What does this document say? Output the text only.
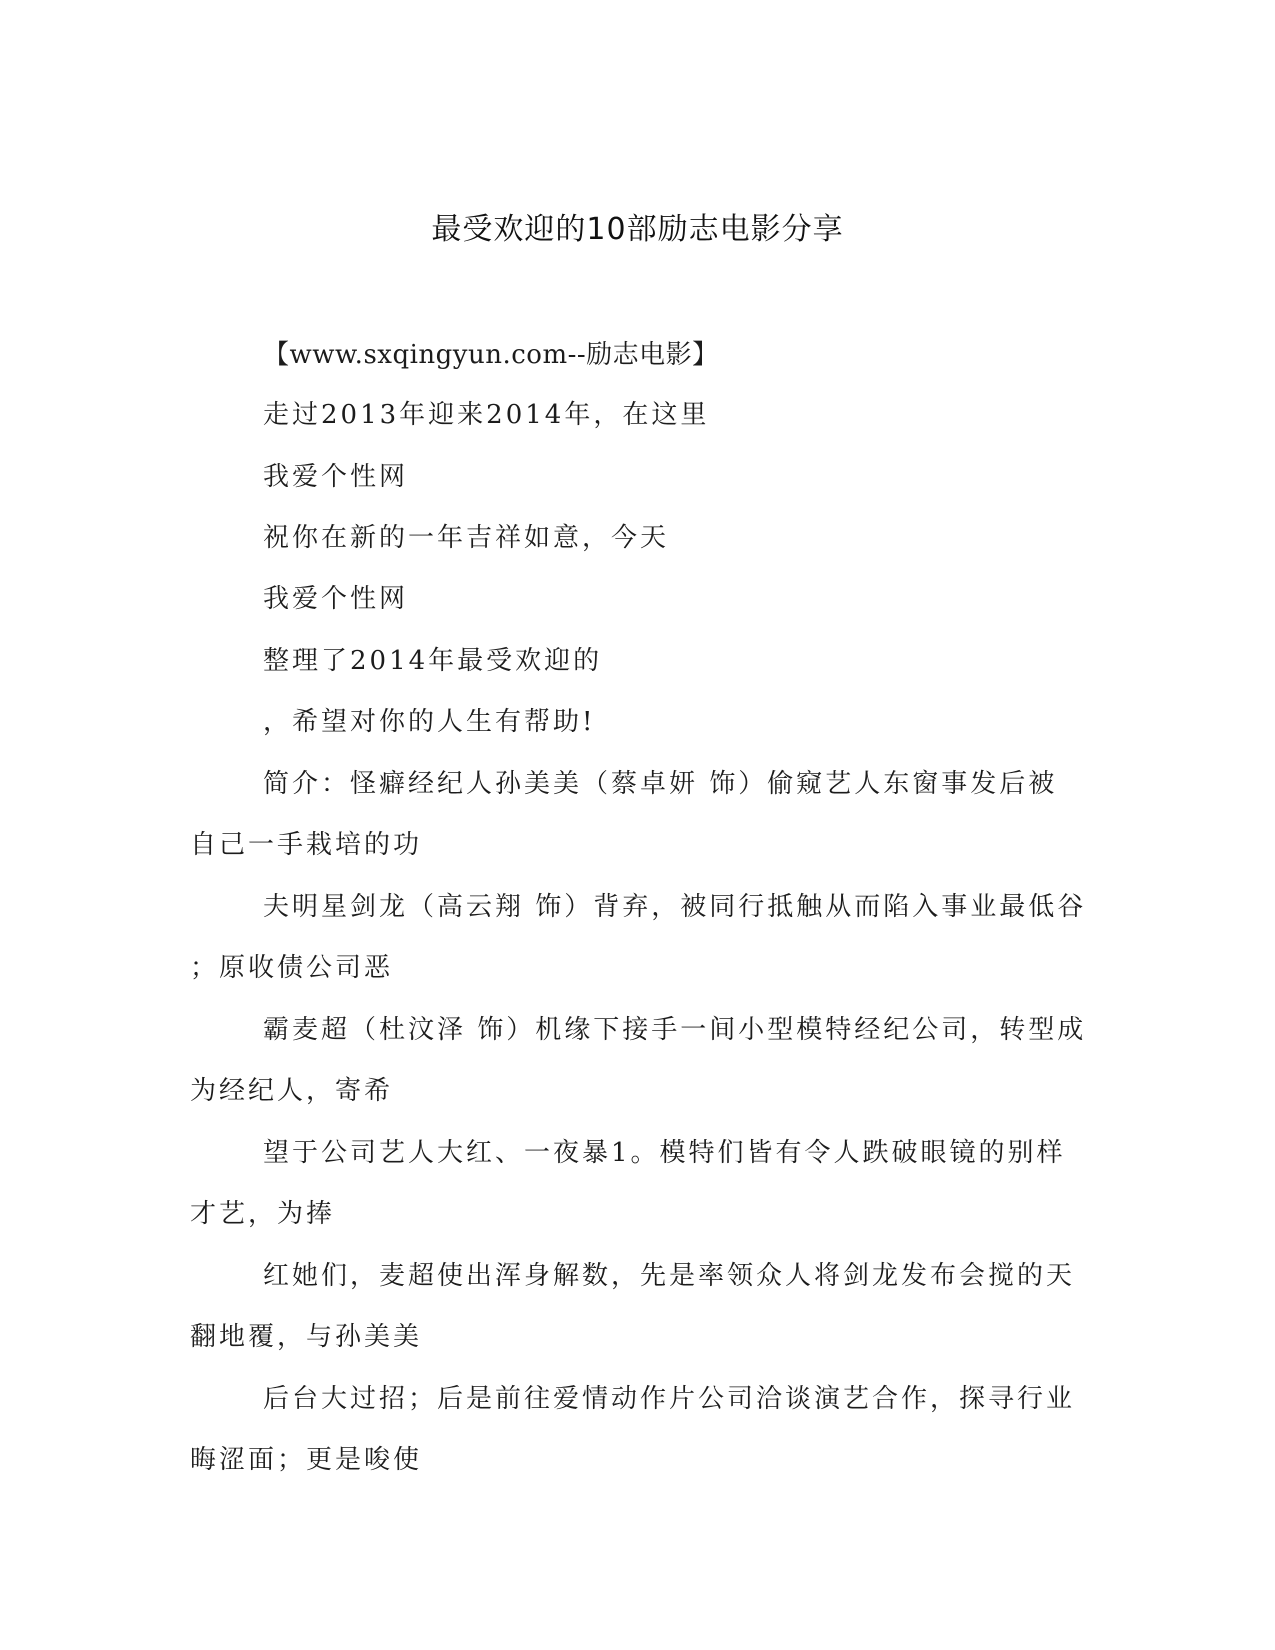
最受欢迎的10部励志电影分享
【www.sxqingyun.com--励志电影】
走过2013年迎来2014年，在这里
我爱个性网
祝你在新的一年吉祥如意，今天
我爱个性网
整理了2014年最受欢迎的
，希望对你的人生有帮助!
简介：怪癖经纪人孙美美（蔡卓妍 饰）偷窥艺人东窗事发后被
自己一手栽培的功
夫明星剑龙（高云翔 饰）背弃，被同行抵触从而陷入事业最低谷
；原收债公司恶
霸麦超（杜汶泽 饰）机缘下接手一间小型模特经纪公司，转型成
为经纪人，寄希
望于公司艺人大红、一夜暴1。模特们皆有令人跌破眼镜的别样
才艺，为捧
红她们，麦超使出浑身解数，先是率领众人将剑龙发布会搅的天
翻地覆，与孙美美
后台大过招；后是前往爱情动作片公司洽谈演艺合作，探寻行业
晦涩面；更是唆使
